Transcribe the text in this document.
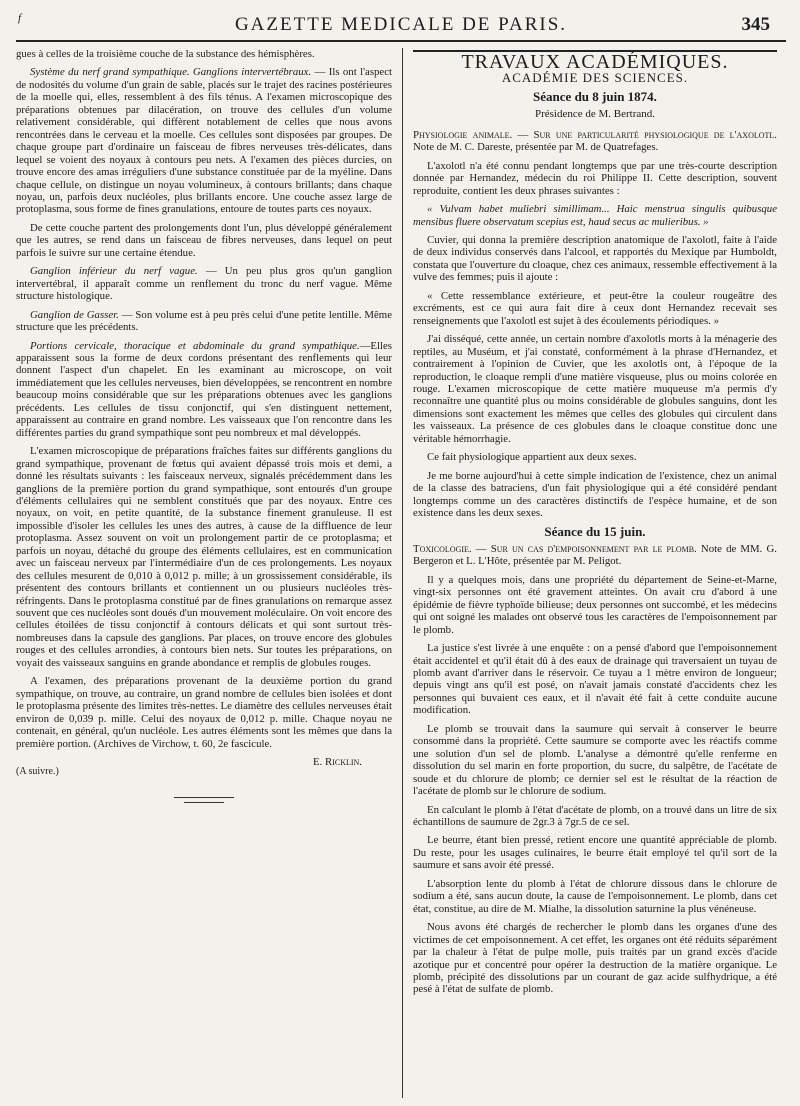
f	GAZETTE MEDICALE DE PARIS.	345

gues à celles de la troisième couche de la substance des hémisphères.

Système du nerf grand sympathique. Ganglions intervertébraux. — Ils ont l'aspect de nodosités du volume d'un grain de sable, placés sur le trajet des racines postérieures de la moelle qui, elles, ressemblent à des fils ténus. A l'examen microscopique des préparations obtenues par dilacération, on trouve des cellules d'un volume relativement considérable, qui diffèrent notablement de celles que nous avons rencontrées dans le cerveau et la moelle. Ces cellules sont disposées par groupes. De chaque groupe part d'ordinaire un faisceau de fibres nerveuses très-délicates, dans lequel se voient des noyaux à contours peu nets. A l'examen des pièces durcies, on trouve encore des amas irréguliers d'une substance constituée par de la myéline. Dans chaque cellule, on distingue un noyau volumineux, à contours brillants; dans chaque noyau, un, parfois deux nucléoles, plus brillants encore. Une couche assez large de protoplasma, sous forme de fines granulations, entoure de toutes parts ces noyaux.

De cette couche partent des prolongements dont l'un, plus développé généralement que les autres, se rend dans un faisceau de fibres nerveuses, dans lequel on peut parfois le suivre sur une certaine étendue.

Ganglion inférieur du nerf vague. — Un peu plus gros qu'un ganglion intervertébral, il apparaît comme un renflement du tronc du nerf vague. Même structure histologique.

Ganglion de Gasser. — Son volume est à peu près celui d'une petite lentille. Même structure que les précédents.

Portions cervicale, thoracique et abdominale du grand sympathique.—Elles apparaissent sous la forme de deux cordons présentant des renflements qui leur donnent l'aspect d'un chapelet. En les examinant au microscope, on voit immédiatement que les cellules nerveuses, bien développées, se rencontrent en nombre beaucoup moins considérable que sur les préparations obtenues avec les ganglions précédents. Les cellules de tissu conjonctif, qui s'en distinguent nettement, apparaissent au contraire en grand nombre. Les vaisseaux que l'on rencontre dans les différentes parties du grand sympathique sont peu nombreux et mal développés.

L'examen microscopique de préparations fraîches faites sur différents ganglions du grand sympathique, provenant de fœtus qui avaient dépassé trois mois et demi, a donné les résultats suivants : les faisceaux nerveux, signalés précédemment dans les ganglions de la première portion du grand sympathique, sont entourés d'un groupe d'éléments cellulaires qui ne semblent constitués que par des noyaux. Entre ces noyaux, on voit, en petite quantité, de la substance finement granuleuse. Il est impossible d'isoler les cellules les unes des autres, à cause de la diffluence de leur protoplasma. Assez souvent on voit un prolongement partir de ce protoplasma; et parfois un noyau, détaché du groupe des éléments cellulaires, est en communication avec un faisceau nerveux par l'intermédiaire d'un de ces prolongements. Les noyaux des cellules mesurent de 0,010 à 0,012 p. mille; à un grossissement considérable, ils présentent des contours brillants et contiennent un ou plusieurs nucléoles très-réfringents. Dans le protoplasma constitué par de fines granulations on remarque assez souvent que ces nucléoles sont doués d'un mouvement moléculaire. On voit encore des cellules étoilées de tissu conjonctif à contours délicats et qui sont surtout très-nombreuses dans la capsule des ganglions. Par places, on trouve encore des globules rouges et des cellules arrondies, à contours bien nets. Sur toutes les préparations, on voyait des vaisseaux sanguins en grande abondance et remplis de globules rouges.

A l'examen, des préparations provenant de la deuxième portion du grand sympathique, on trouve, au contraire, un grand nombre de cellules bien isolées et dont le protoplasma présente des limites très-nettes. Le diamètre des cellules nerveuses était environ de 0,039 p. mille. Celui des noyaux de 0,012 p. mille. Chaque noyau ne contenait, en général, qu'un nucléole. Les autres éléments sont les mêmes que dans la première portion. (Archives de Virchow, t. 60, 2e fascicule.

E. Ricklin.

(A suivre.)

TRAVAUX ACADÉMIQUES.
ACADÉMIE DES SCIENCES.
Séance du 8 juin 1874.
Présidence de M. Bertrand.

Physiologie animale. — Sur une particularité physiologique de l'axolotl. Note de M. C. Dareste, présentée par M. de Quatrefages.

L'axolotl n'a été connu pendant longtemps que par une très-courte description donnée par Hernandez, médecin du roi Philippe II. Cette description, souvent reproduite, contient les deux phrases suivantes :

« Vulvam habet muliebri simillimam... Haic menstrua singulis quibusque mensibus fluere observatum scepius est, haud secus ac mulieribus. »

Cuvier, qui donna la première description anatomique de l'axolotl, faite à l'aide de deux individus conservés dans l'alcool, et rapportés du Mexique par Humboldt, constata que l'ouverture du cloaque, chez ces animaux, ressemble effectivement à la vulve des femmes; puis il ajoute :

« Cette ressemblance extérieure, et peut-être la couleur rougeâtre des excréments, est ce qui aura fait dire à ceux dont Hernandez recevait ses renseignements que l'axolotl est sujet à des écoulements périodiques. »

J'ai disséqué, cette année, un certain nombre d'axolotls morts à la ménagerie des reptiles, au Muséum, et j'ai constaté, conformément à la phrase d'Hernandez, et contrairement à l'opinion de Cuvier, que les axolotls ont, à l'époque de la reproduction, le cloaque rempli d'une matière visqueuse, plus ou moins colorée en rouge. L'examen microscopique de cette matière muqueuse m'a permis d'y reconnaître une quantité plus ou moins considérable de globules sanguins, dont les dimensions sont exactement les mêmes que celles des globules qui circulent dans les vaisseaux. La présence de ces globules dans le cloaque constitue donc une véritable hémorrhagie.

Ce fait physiologique appartient aux deux sexes.

Je me borne aujourd'hui à cette simple indication de l'existence, chez un animal de la classe des batraciens, d'un fait physiologique qui a été considéré pendant longtemps comme un des caractères distinctifs de l'espèce humaine, et de son existence dans les deux sexes.

Séance du 15 juin.

Toxicologie. — Sur un cas d'empoisonnement par le plomb. Note de MM. G. Bergeron et L. L'Hôte, présentée par M. Peligot.

Il y a quelques mois, dans une propriété du département de Seine-et-Marne, vingt-six personnes ont été gravement atteintes. On avait cru d'abord à une épidémie de fièvre typhoïde bilieuse; deux personnes ont succombé, et les médecins qui ont soigné les malades ont observé tous les caractères de l'empoisonnement par le plomb.

La justice s'est livrée à une enquête : on a pensé d'abord que l'empoisonnement était accidentel et qu'il était dû à des eaux de drainage qui traversaient un tuyau de plomb avant d'arriver dans le réservoir. Ce tuyau a 1 mètre environ de longueur; depuis vingt ans qu'il est posé, on n'avait jamais constaté d'accidents chez les personnes qui buvaient ces eaux, et il n'avait été fait à cette conduite aucune modification.

Le plomb se trouvait dans la saumure qui servait à conserver le beurre consommé dans la propriété. Cette saumure se comporte avec les réactifs comme une solution d'un sel de plomb. L'analyse a démontré qu'elle renferme en dissolution du sel marin en forte proportion, du sucre, du salpêtre, de l'acétate de soude et du chlorure de plomb; ce dernier sel est le résultat de la réaction de l'acétate de plomb sur le chlorure de sodium.

En calculant le plomb à l'état d'acétate de plomb, on a trouvé dans un litre de six échantillons de saumure de 2gr.3 à 7gr.5 de ce sel.

Le beurre, étant bien pressé, retient encore une quantité appréciable de plomb. Du reste, pour les usages culinaires, le beurre était employé tel qu'il sort de la saumure et sans avoir été pressé.

L'absorption lente du plomb à l'état de chlorure dissous dans le chlorure de sodium a été, sans aucun doute, la cause de l'empoisonnement. Le plomb, dans cet état, constitue, au dire de M. Mialhe, la dissolution saturnine la plus vénéneuse.

Nous avons été chargés de rechercher le plomb dans les organes d'une des victimes de cet empoisonnement. A cet effet, les organes ont été réduits séparément par la chaleur à l'état de pulpe molle, puis traités par un grand excès d'acide azotique pur et concentré pour opérer la destruction de la matière organique. Le plomb, précipité des dissolutions par un courant de gaz acide sulfhydrique, a été pesé à l'état de sulfate de plomb.
